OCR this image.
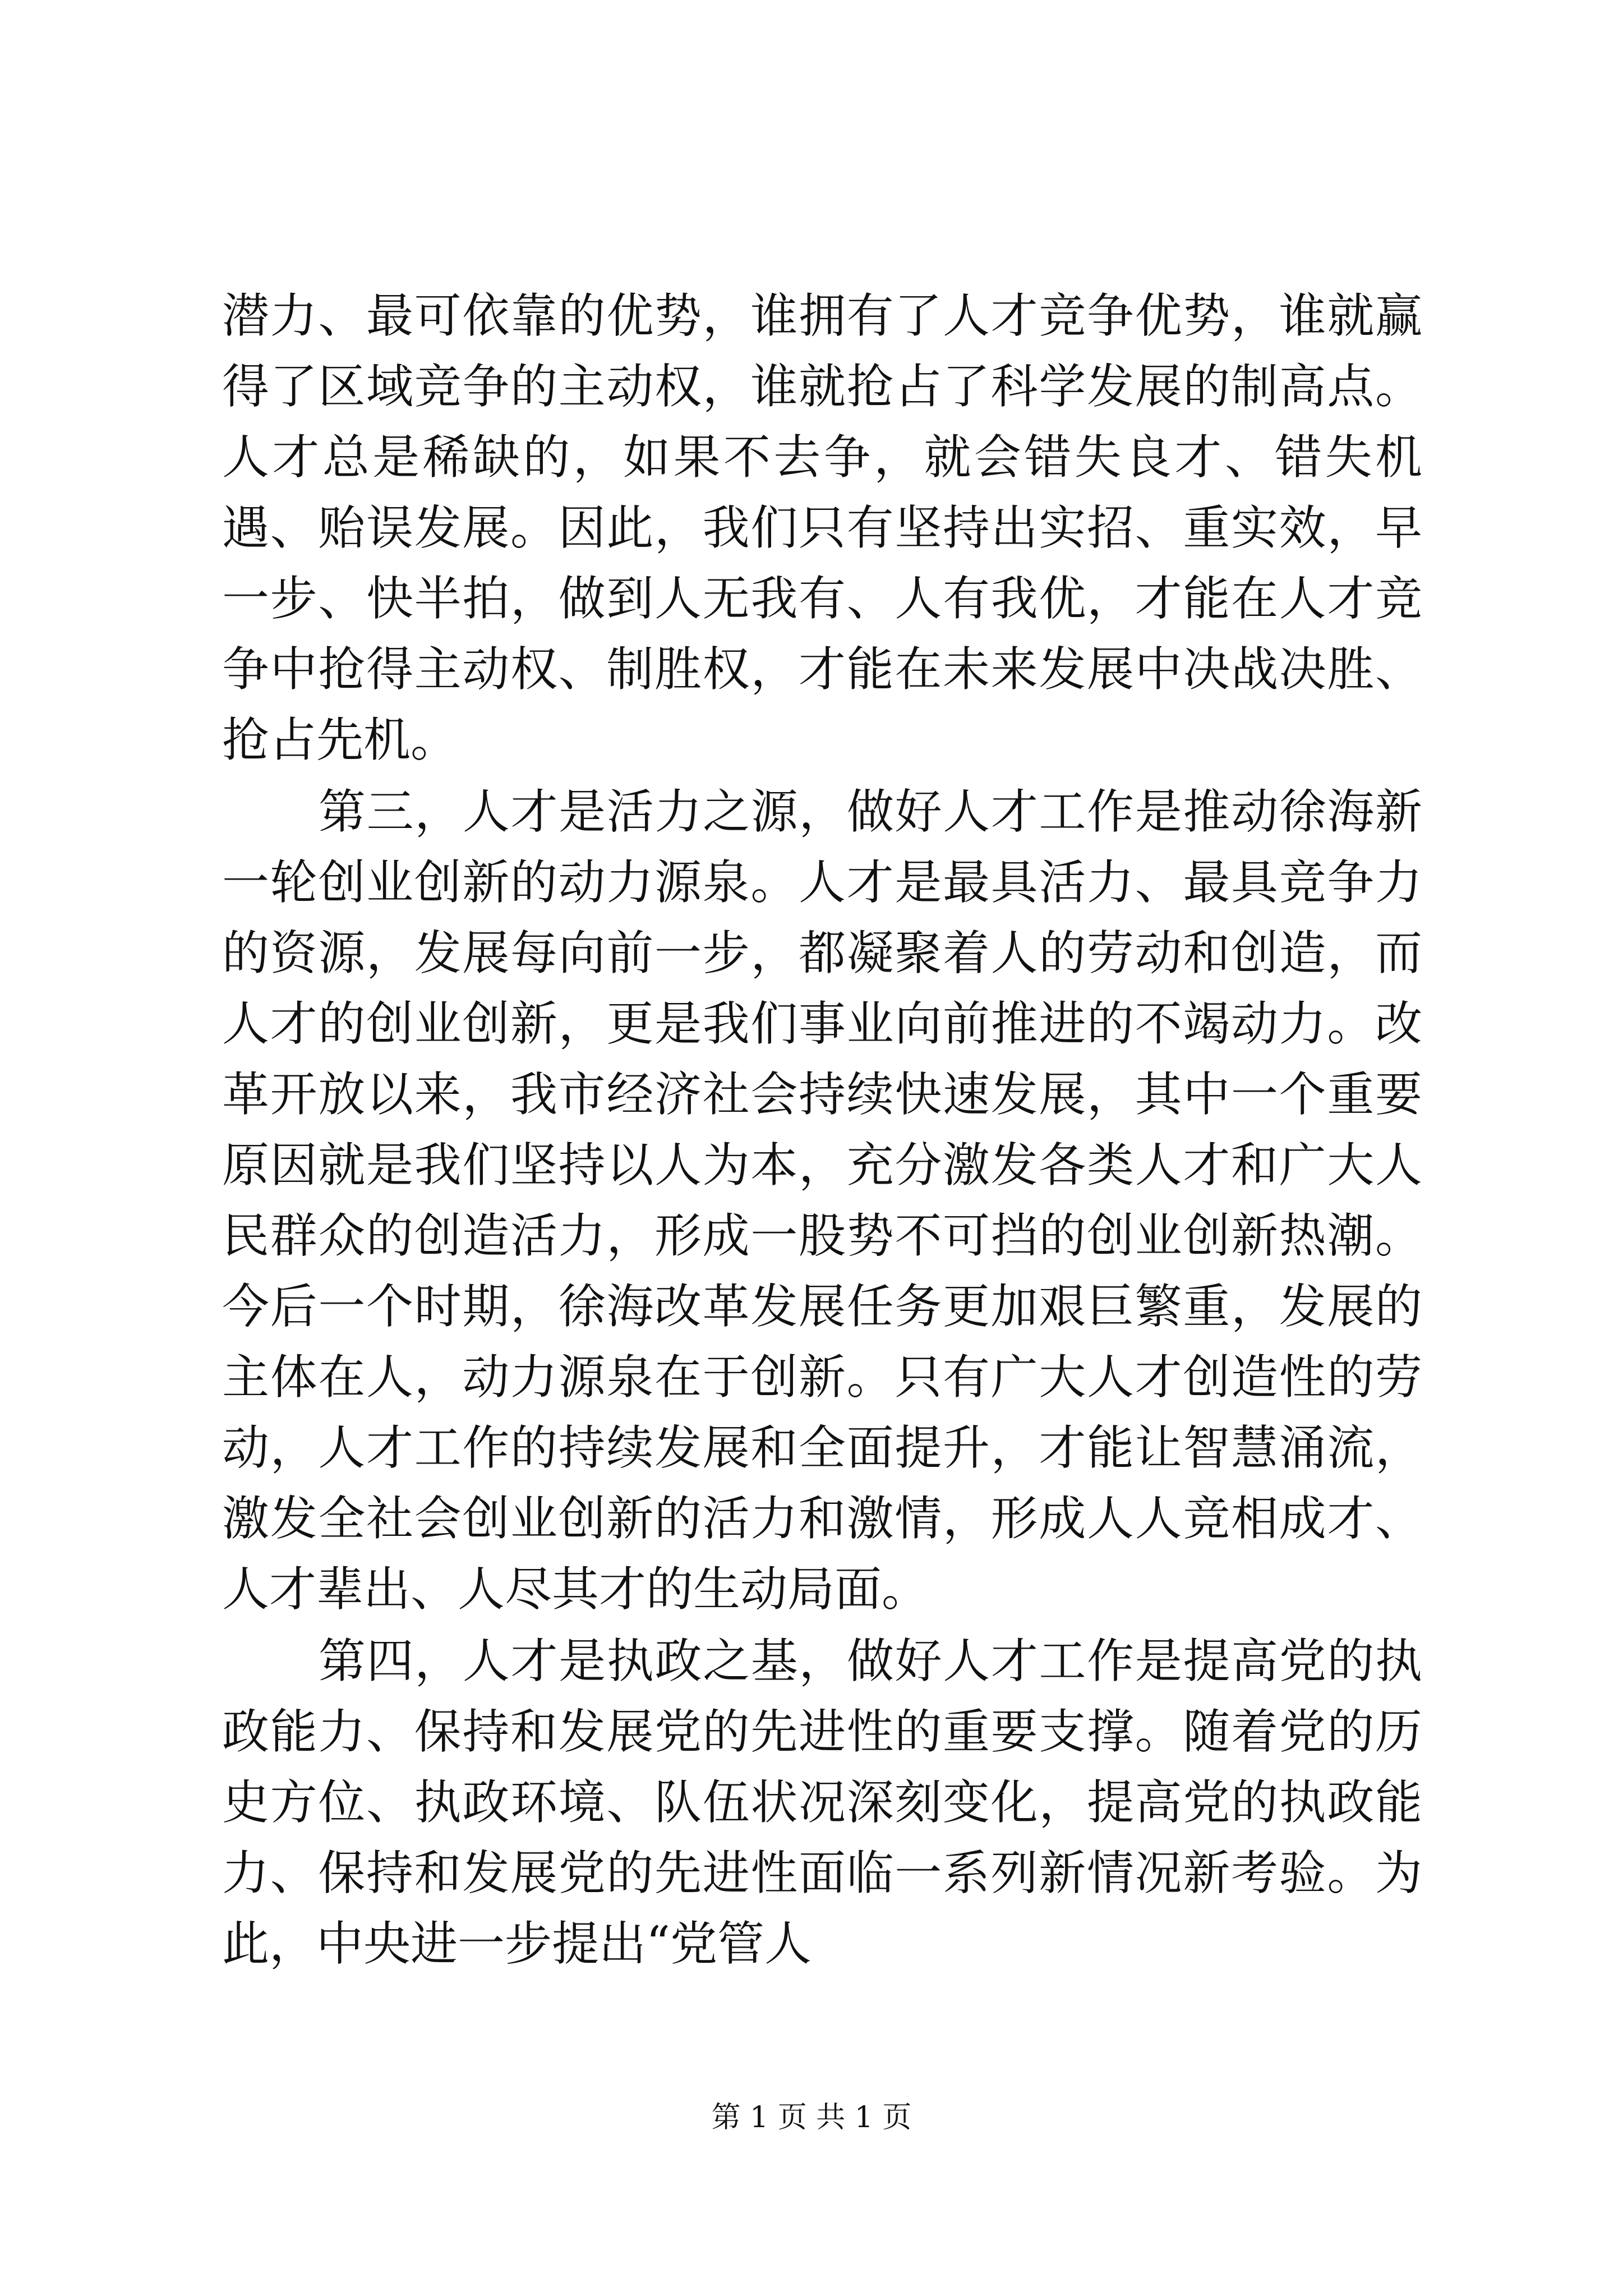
潜力、最可依靠的优势，谁拥有了人才竞争优势，谁就赢得了区域竞争的主动权，谁就抢占了科学发展的制高点。人才总是稀缺的，如果不去争，就会错失良才、错失机遇、贻误发展。因此，我们只有坚持出实招、重实效，早一步、快半拍，做到人无我有、人有我优，才能在人才竞争中抢得主动权、制胜权，才能在未来发展中决战决胜、抢占先机。

第三，人才是活力之源，做好人才工作是推动徐海新一轮创业创新的动力源泉。人才是最具活力、最具竞争力的资源，发展每向前一步，都凝聚着人的劳动和创造，而人才的创业创新，更是我们事业向前推进的不竭动力。改革开放以来，我市经济社会持续快速发展，其中一个重要原因就是我们坚持以人为本，充分激发各类人才和广大人民群众的创造活力，形成一股势不可挡的创业创新热潮。今后一个时期，徐海改革发展任务更加艰巨繁重，发展的主体在人，动力源泉在于创新。只有广大人才创造性的劳动，人才工作的持续发展和全面提升，才能让智慧涌流，激发全社会创业创新的活力和激情，形成人人竞相成才、人才辈出、人尽其才的生动局面。

第四，人才是执政之基，做好人才工作是提高党的执政能力、保持和发展党的先进性的重要支撑。随着党的历史方位、执政环境、队伍状况深刻变化，提高党的执政能力、保持和发展党的先进性面临一系列新情况新考验。为此，中央进一步提出“党管人

第 1 页 共 1 页
